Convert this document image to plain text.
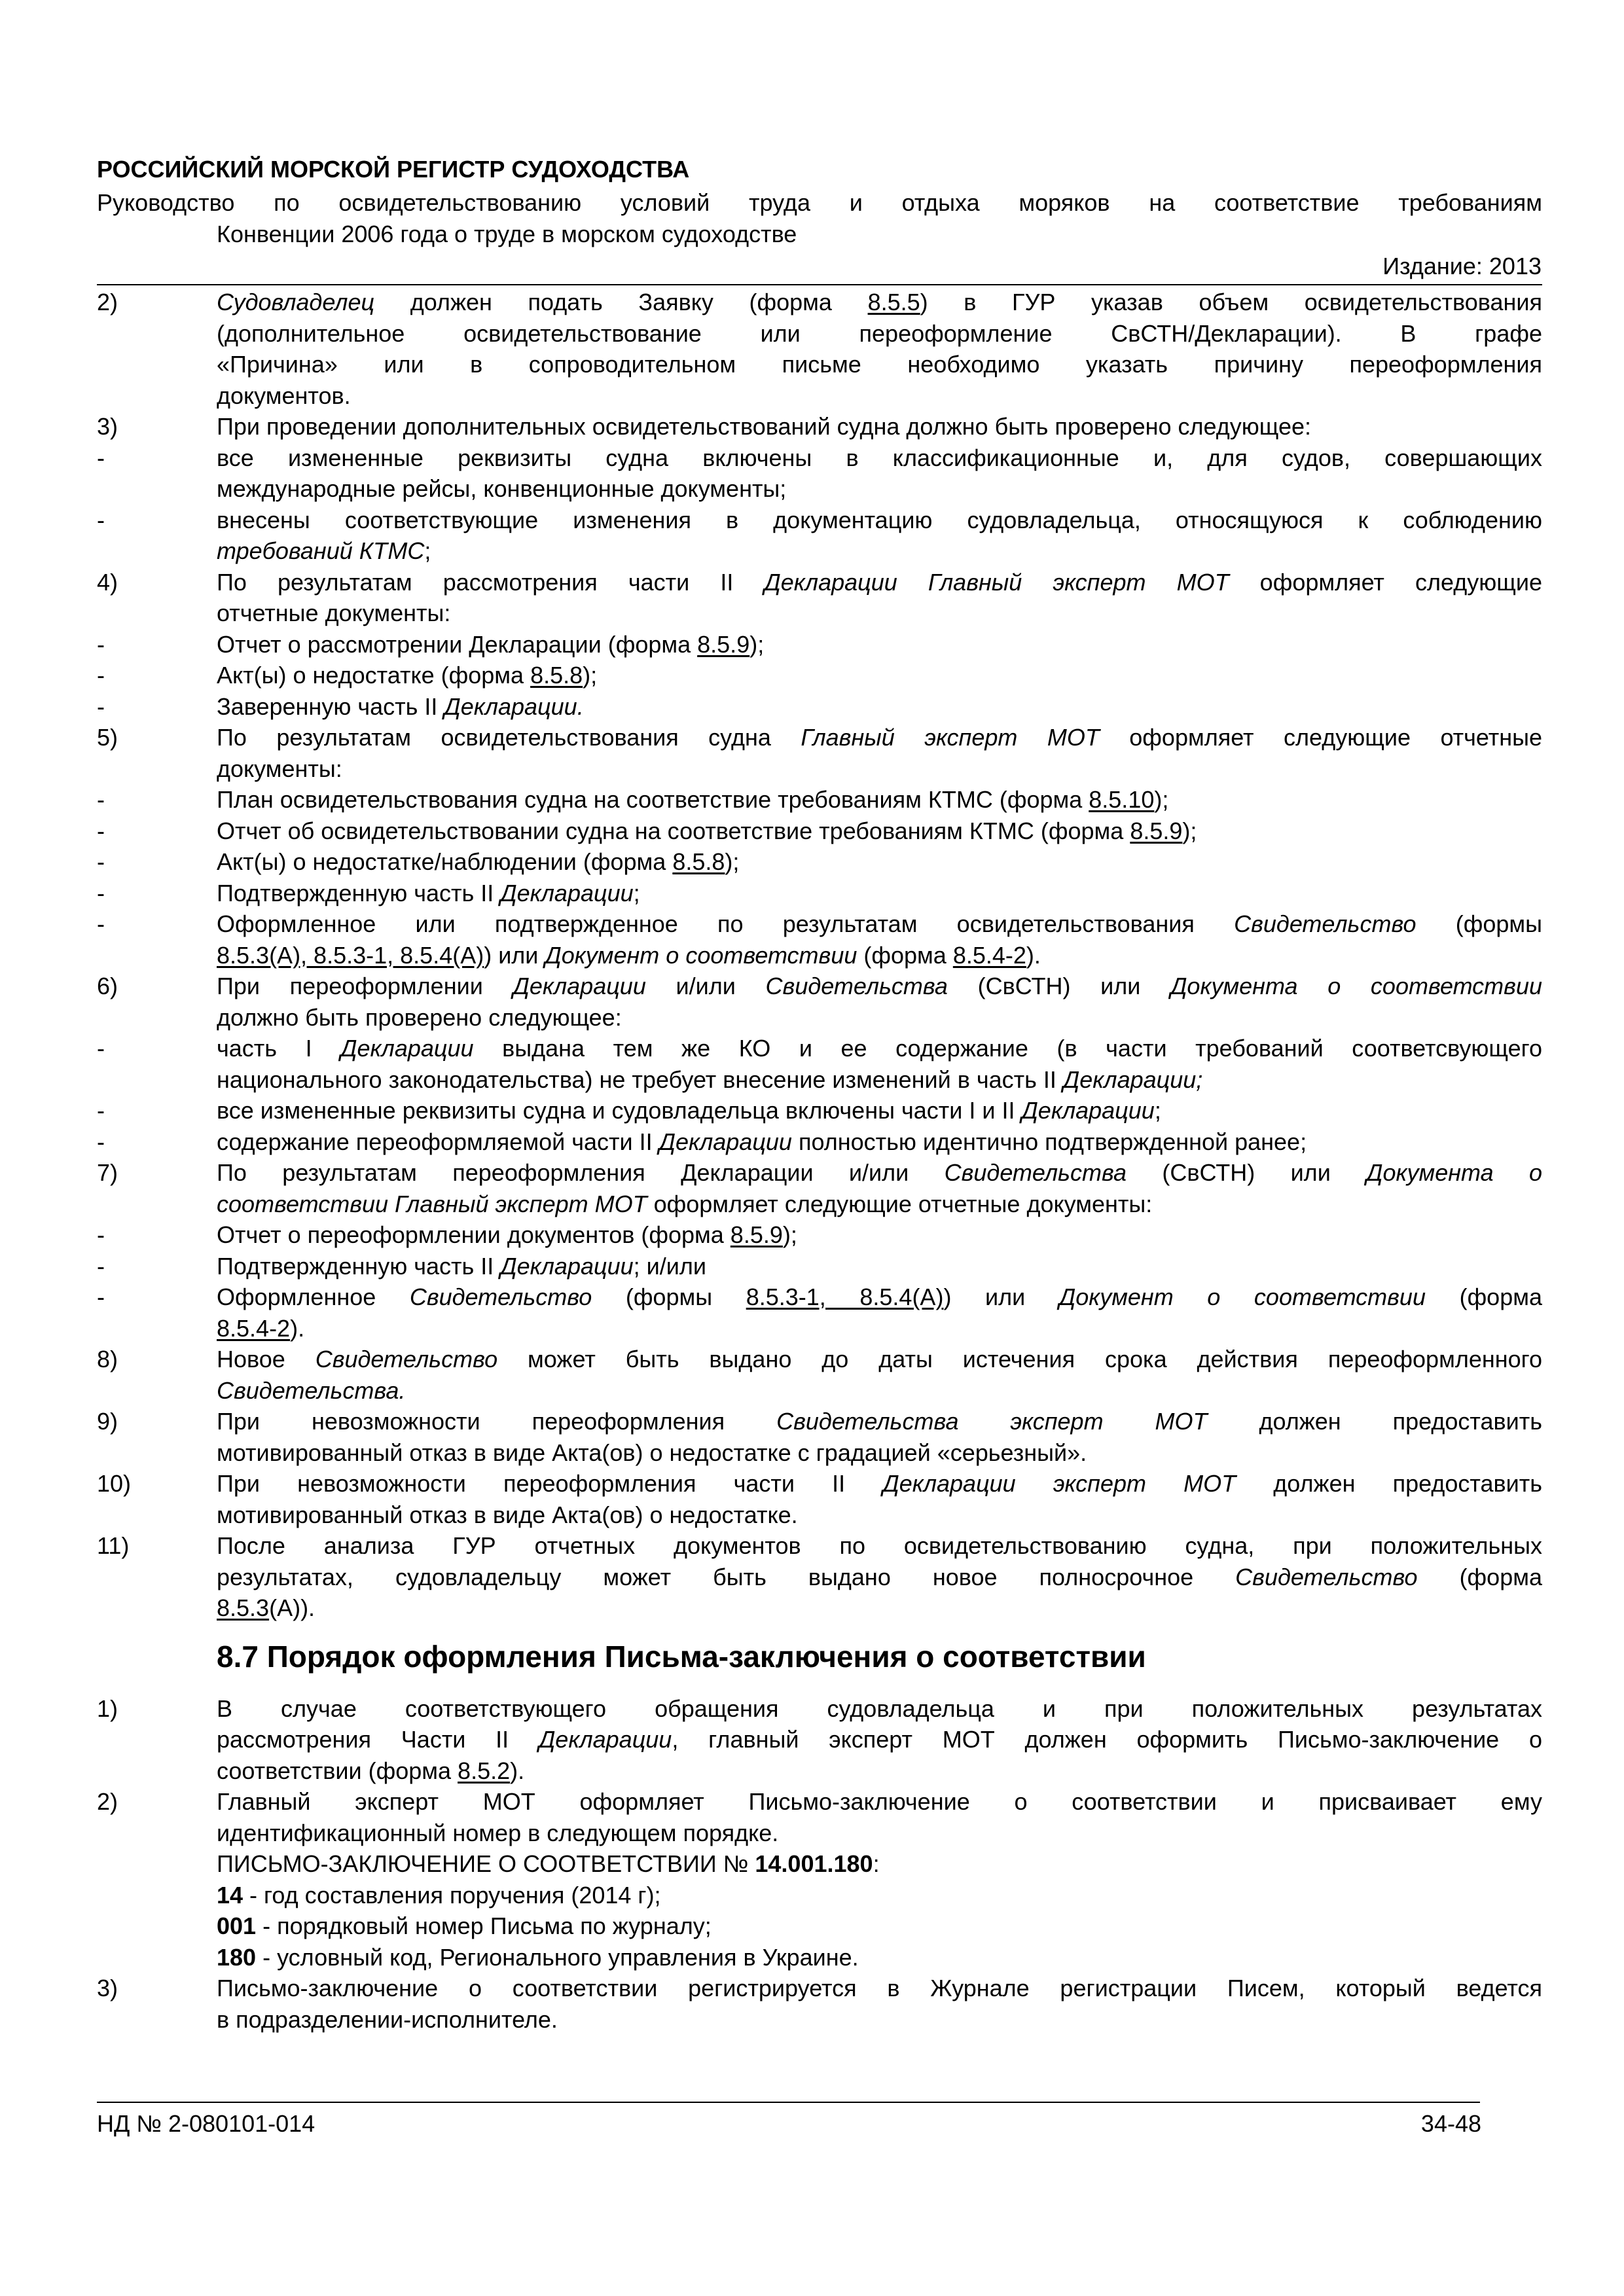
РОССИЙСКИЙ МОРСКОЙ РЕГИСТР СУДОХОДСТВА
Руководство по освидетельствованию условий труда и отдыха моряков на соответствие требованиям
Конвенции 2006 года о труде в морском судоходстве
Издание: 2013
2)	Судовладелец должен подать Заявку (форма 8.5.5) в ГУР указав объем освидетельствования
(дополнительное освидетельствование или переоформление СвСТН/Декларации). В графе
«Причина» или в сопроводительном письме необходимо указать причину переоформления
документов.
3)	При проведении дополнительных освидетельствований судна должно быть проверено следующее:
-	все измененные реквизиты судна включены в классификационные и, для судов, совершающих
международные рейсы, конвенционные документы;
-	внесены соответствующие изменения в документацию судовладельца, относящуюся к соблюдению
требований КТМС;
4)	По результатам рассмотрения части II Декларации Главный эксперт МОТ оформляет следующие
отчетные документы:
-	Отчет о рассмотрении Декларации (форма 8.5.9);
-	Акт(ы) о недостатке (форма 8.5.8);
-	Заверенную часть II Декларации.
5)	По результатам освидетельствования судна Главный эксперт МОТ оформляет следующие отчетные
документы:
-	План освидетельствования судна на соответствие требованиям КТМС (форма 8.5.10);
-	Отчет об освидетельствовании судна на соответствие требованиям КТМС (форма 8.5.9);
-	Акт(ы) о недостатке/наблюдении (форма 8.5.8);
-	Подтвержденную часть II Декларации;
-	Оформленное или подтвержденное по результатам освидетельствования Свидетельство (формы
8.5.3(А), 8.5.3-1, 8.5.4(А)) или Документ о соответствии (форма 8.5.4-2).
6)	При переоформлении Декларации и/или Свидетельства (СвСТН) или Документа о соответствии
должно быть проверено следующее:
-	часть I Декларации выдана тем же КО и ее содержание (в части требований соответсвующего
национального законодательства) не требует внесение изменений в часть II Декларации;
-	все измененные реквизиты судна и судовладельца включены части I и II Декларации;
-	содержание переоформляемой части II Декларации полностью идентично подтвержденной ранее;
7)	По результатам переоформления Декларации и/или Свидетельства (СвСТН) или Документа о
соответствии Главный эксперт МОТ оформляет следующие отчетные документы:
-	Отчет о переоформлении документов (форма 8.5.9);
-	Подтвержденную часть II Декларации; и/или
-	Оформленное Свидетельство (формы 8.5.3-1, 8.5.4(А)) или Документ о соответствии (форма
8.5.4-2).
8)	Новое Свидетельство может быть выдано до даты истечения срока действия переоформленного
Свидетельства.
9)	При невозможности переоформления Свидетельства эксперт МОТ должен предоставить
мотивированный отказ в виде Акта(ов) о недостатке с градацией «серьезный».
10)	При невозможности переоформления части II Декларации эксперт МОТ должен предоставить
мотивированный отказ в виде Акта(ов) о недостатке.
11)	После анализа ГУР отчетных документов по освидетельствованию судна, при положительных
результатах, судовладельцу может быть выдано новое полносрочное Свидетельство (форма
8.5.3(А)).
8.7 Порядок оформления Письма-заключения о соответствии
1)	В случае соответствующего обращения судовладельца и при положительных результатах
рассмотрения Части II Декларации, главный эксперт МОТ должен оформить Письмо-заключение о
соответствии (форма 8.5.2).
2)	Главный эксперт МОТ оформляет Письмо-заключение о соответствии и присваивает ему
идентификационный номер в следующем порядке.
ПИСЬМО-ЗАКЛЮЧЕНИЕ О СООТВЕТСТВИИ № 14.001.180:
14 - год составления поручения (2014 г);
001 - порядковый номер Письма по журналу;
180 - условный код, Регионального управления в Украине.
3)	Письмо-заключение о соответствии регистрируется в Журнале регистрации Писем, который ведется
в подразделении-исполнителе.
НД № 2-080101-014	34-48
